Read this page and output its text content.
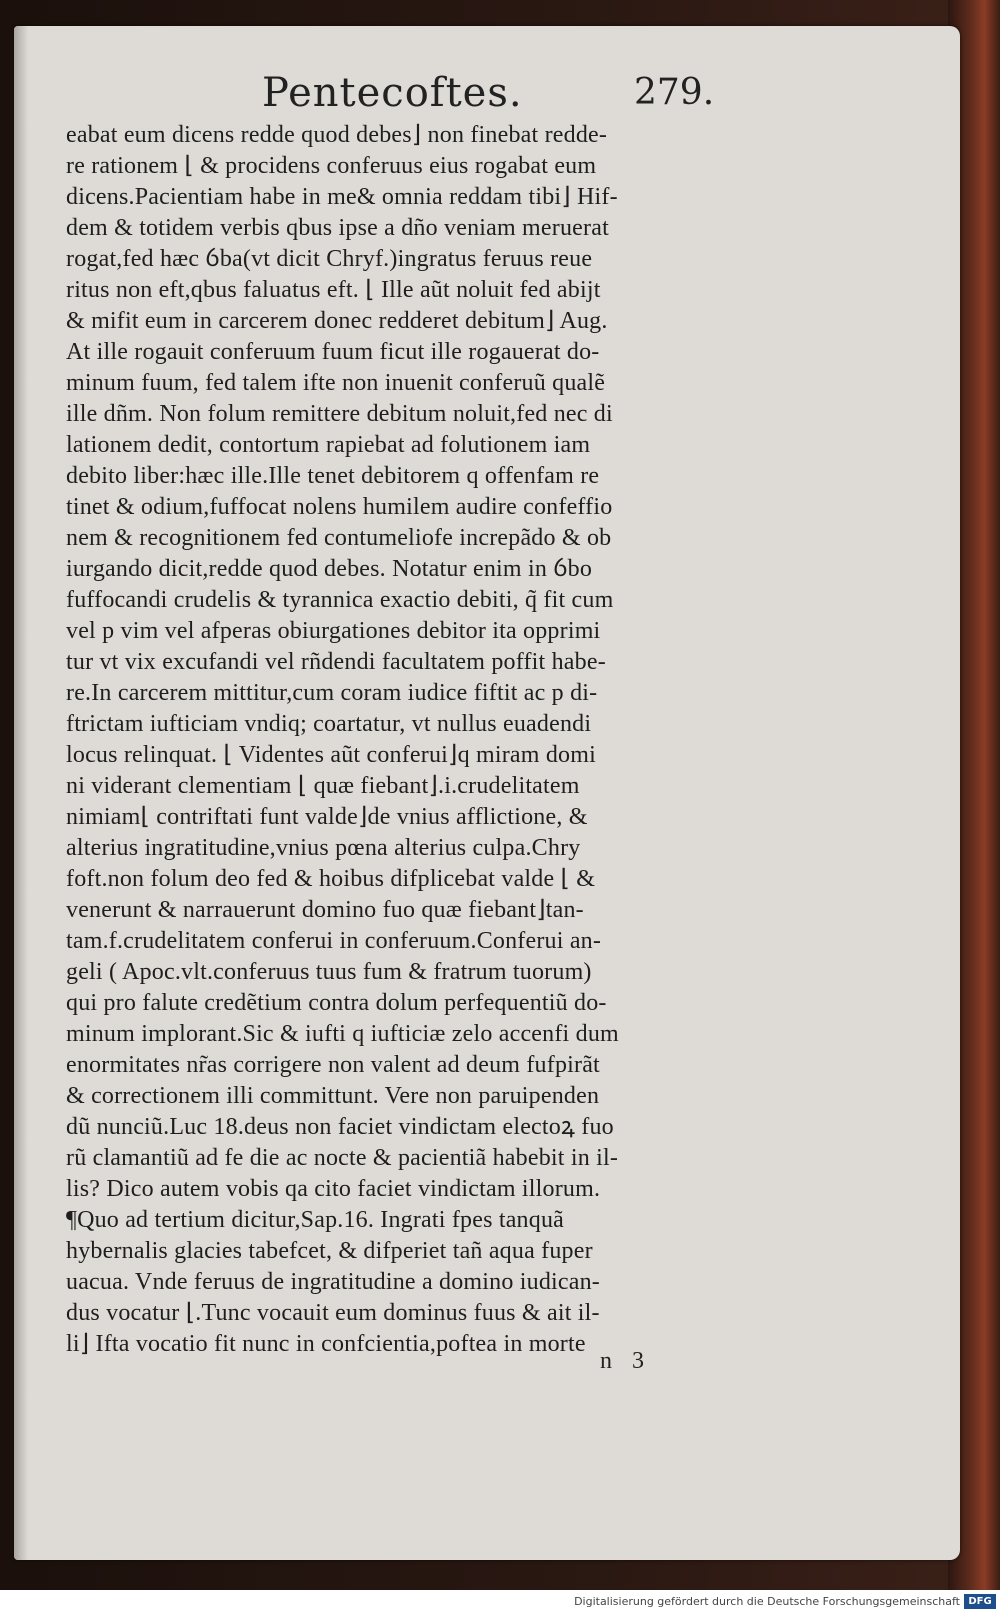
Pentecoftes.	279.
eabat eum dicens redde quod debes⌋ non finebat redde-
re rationem ⌊ & procidens conferuus eius rogabat eum
dicens.Pacientiam habe in me& omnia reddam tibi⌋ Hif-
dem & totidem verbis qbus ipse a dño veniam meruerat
rogat,fed hæc ỽba(vt dicit Chryf.)ingratus feruus reue
ritus non eft,qbus faluatus eft. ⌊ Ille aũt noluit fed abijt
& mifit eum in carcerem donec redderet debitum⌋ Aug.
At ille rogauit conferuum fuum ficut ille rogauerat do-
minum fuum, fed talem ifte non inuenit conferuũ qualẽ
ille dñm. Non folum remittere debitum noluit,fed nec di
lationem dedit, contortum rapiebat ad folutionem iam
debito liber:hæc ille.Ille tenet debitorem q offenfam re
tinet & odium,fuffocat nolens humilem audire confeffio
nem & recognitionem fed contumeliofe increpãdo & ob
iurgando dicit,redde quod debes. Notatur enim in ỽbo
fuffocandi crudelis & tyrannica exactio debiti, q̃ fit cum
vel p vim vel afperas obiurgationes debitor ita opprimi
tur vt vix excufandi vel rñdendi facultatem poffit habe-
re.In carcerem mittitur,cum coram iudice fiftit ac p di-
ftrictam iufticiam vndiq; coartatur, vt nullus euadendi
locus relinquat. ⌊ Videntes aũt conferui⌋q miram domi
ni viderant clementiam ⌊ quæ fiebant⌋.i.crudelitatem
nimiam⌊ contriftati funt valde⌋de vnius afflictione, &
alterius ingratitudine,vnius pœna alterius culpa.Chry
foft.non folum deo fed & hoibus difplicebat valde ⌊ &
venerunt & narrauerunt domino fuo quæ fiebant⌋tan-
tam.f.crudelitatem conferui in conferuum.Conferui an-
geli ( Apoc.vlt.conferuus tuus fum & fratrum tuorum)
qui pro falute credẽtium contra dolum perfequentiũ do-
minum implorant.Sic & iufti q iufticiæ zelo accenfi dum
enormitates nr̃as corrigere non valent ad deum fufpirãt
& correctionem illi committunt. Vere non paruipenden
dũ nunciũ.Luc 18.deus non faciet vindictam electoꝝ fuo
rũ clamantiũ ad fe die ac nocte & pacientiã habebit in il-
lis? Dico autem vobis qa cito faciet vindictam illorum.
¶Quo ad tertium dicitur,Sap.16. Ingrati fpes tanquã
hybernalis glacies tabefcet, & difperiet tañ aqua fuper
uacua. Vnde feruus de ingratitudine a domino iudican-
dus vocatur ⌊.Tunc vocauit eum dominus fuus & ait il-
li⌋ Ifta vocatio fit nunc in confcientia,poftea in morte
n 3
Digitalisierung gefördert durch die Deutsche Forschungsgemeinschaft DFG
